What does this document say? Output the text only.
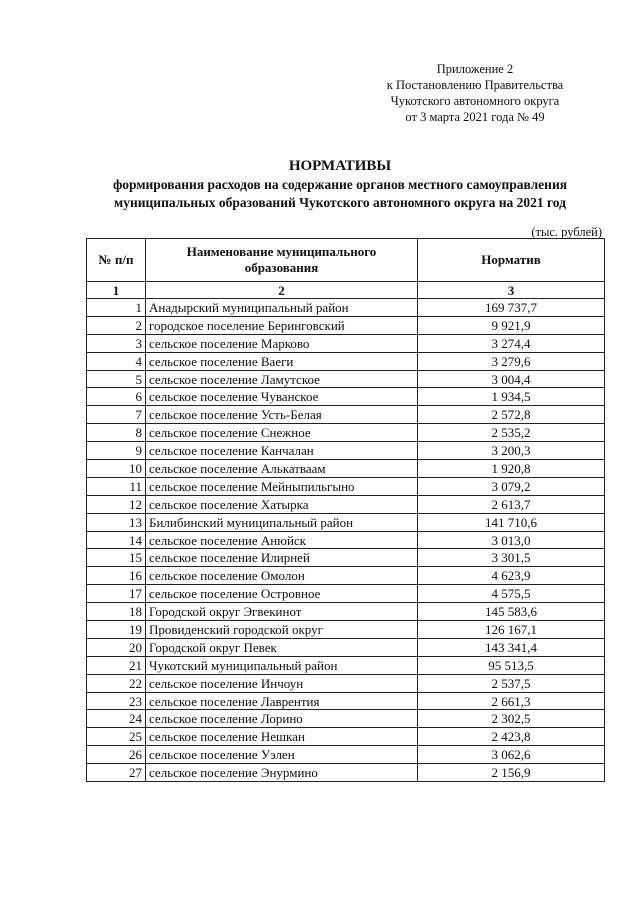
Приложение 2
к Постановлению Правительства
Чукотского автономного округа
от 3 марта 2021 года № 49
НОРМАТИВЫ
формирования расходов на содержание органов местного самоуправления
муниципальных образований Чукотского автономного округа на 2021 год
(тыс. рублей)
№ п/п	Наименование муниципального образования	Норматив
1	2	3
1	Анадырский муниципальный район	169 737,7
2	городское поселение Беринговский	9 921,9
3	сельское поселение Марково	3 274,4
4	сельское поселение Ваеги	3 279,6
5	сельское поселение Ламутское	3 004,4
6	сельское поселение Чуванское	1 934,5
7	сельское поселение Усть-Белая	2 572,8
8	сельское поселение Снежное	2 535,2
9	сельское поселение Канчалан	3 200,3
10	сельское поселение Алькатваам	1 920,8
11	сельское поселение Мейныпильгыно	3 079,2
12	сельское поселение Хатырка	2 613,7
13	Билибинский муниципальный район	141 710,6
14	сельское поселение Анюйск	3 013,0
15	сельское поселение Илирней	3 301,5
16	сельское поселение Омолон	4 623,9
17	сельское поселение Островное	4 575,5
18	Городской округ Эгвекинот	145 583,6
19	Провиденский городской округ	126 167,1
20	Городской округ Певек	143 341,4
21	Чукотский муниципальный район	95 513,5
22	сельское поселение Инчоун	2 537,5
23	сельское поселение Лаврентия	2 661,3
24	сельское поселение Лорино	2 302,5
25	сельское поселение Нешкан	2 423,8
26	сельское поселение Уэлен	3 062,6
27	сельское поселение Энурмино	2 156,9
